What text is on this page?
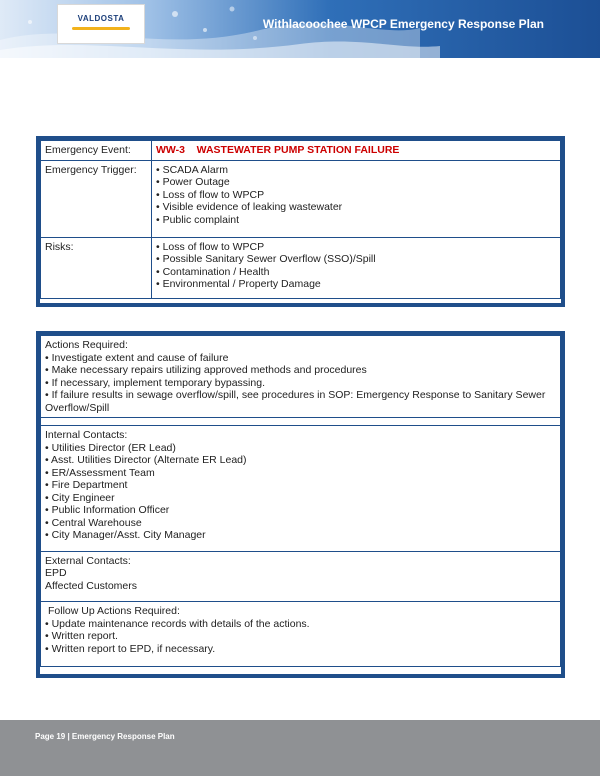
VALDOSTA	Withlacoochee WPCP Emergency Response Plan
Emergency Event:	WW-3    WASTEWATER PUMP STATION FAILURE
Emergency Trigger:	• SCADA Alarm
• Power Outage
• Loss of flow to WPCP
• Visible evidence of leaking wastewater
• Public complaint

Risks:	• Loss of flow to WPCP
• Possible Sanitary Sewer Overflow (SSO)/Spill
• Contamination / Health
• Environmental / Property Damage
Actions Required:
• Investigate extent and cause of failure
• Make necessary repairs utilizing approved methods and procedures
• If necessary, implement temporary bypassing.
• If failure results in sewage overflow/spill, see procedures in SOP: Emergency Response to Sanitary Sewer Overflow/Spill

Internal Contacts:
• Utilities Director (ER Lead)
• Asst. Utilities Director (Alternate ER Lead)
• ER/Assessment Team
• Fire Department
• City Engineer
• Public Information Officer
• Central Warehouse
• City Manager/Asst. City Manager

External Contacts:
EPD
Affected Customers

Follow Up Actions Required:
• Update maintenance records with details of the actions.
• Written report.
• Written report to EPD, if necessary.
Page 19 | Emergency Response Plan
